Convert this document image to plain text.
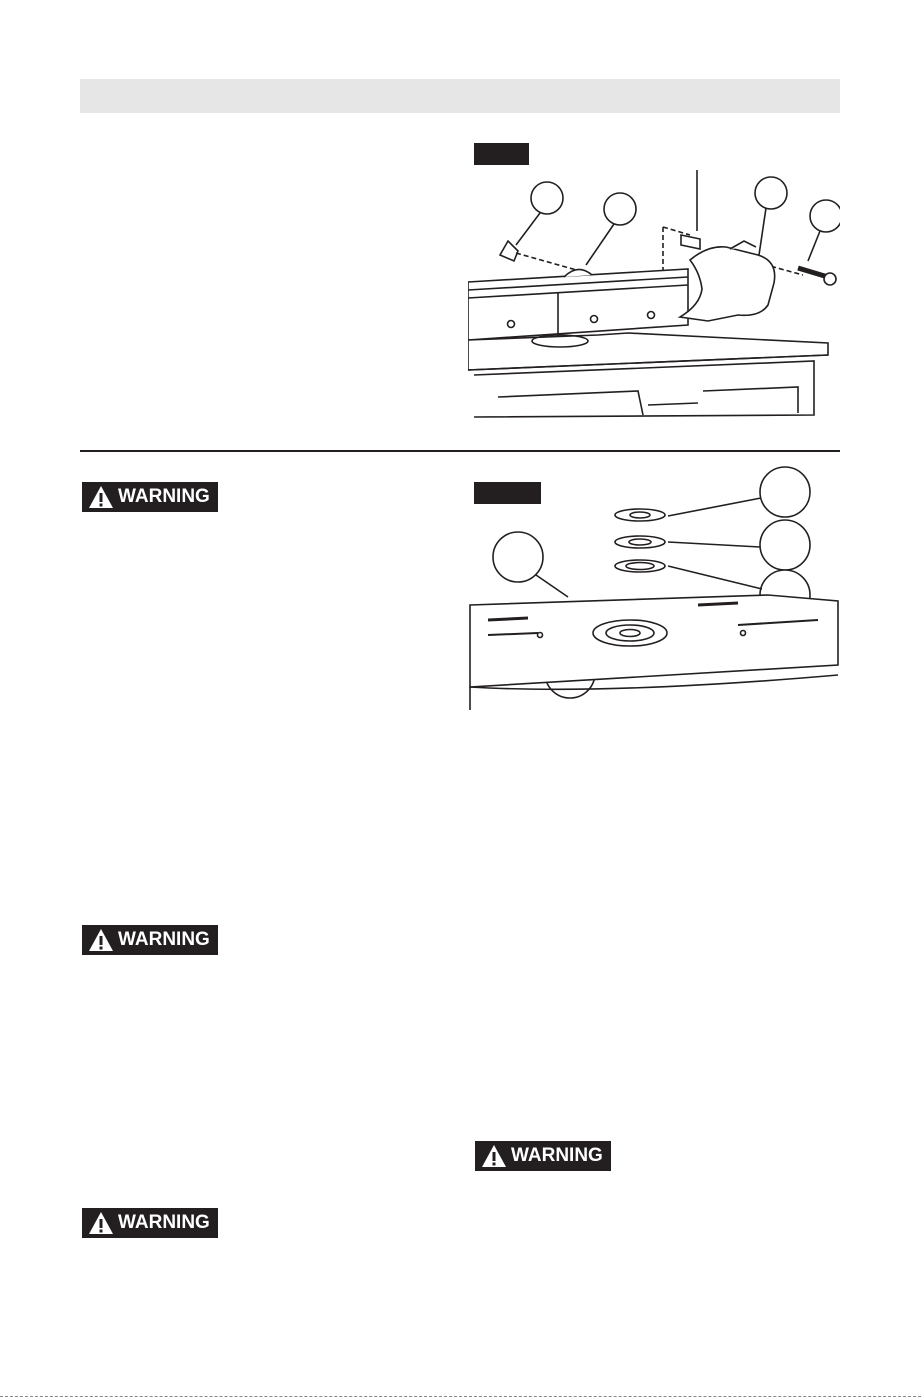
WARNING
WARNING
WARNING
WARNING
